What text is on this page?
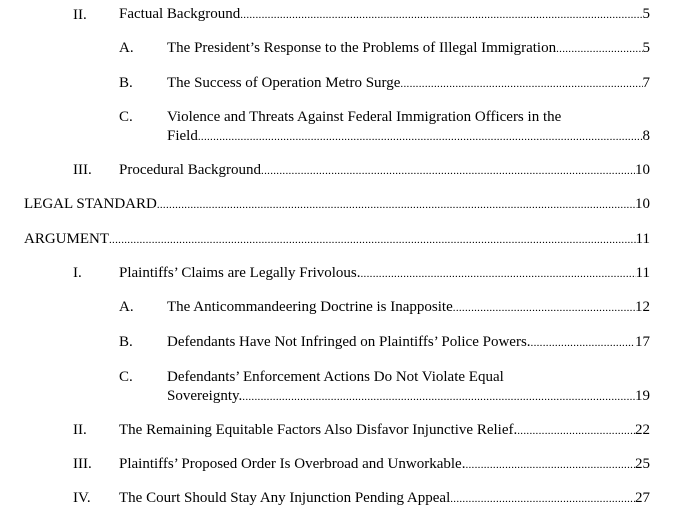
II. Factual Background .....	5
A. The President’s Response to the Problems of Illegal Immigration .....	5
B. The Success of Operation Metro Surge .....	7
C. Violence and Threats Against Federal Immigration Officers in the
Field .....	8
III. Procedural Background .....	10
LEGAL STANDARD .....	10
ARGUMENT .....	11
I. Plaintiffs’ Claims are Legally Frivolous. .....	11
A. The Anticommandeering Doctrine is Inapposite .....	12
B. Defendants Have Not Infringed on Plaintiffs’ Police Powers. .....	17
C. Defendants’ Enforcement Actions Do Not Violate Equal
Sovereignty. .....	19
II. The Remaining Equitable Factors Also Disfavor Injunctive Relief. .....	22
III. Plaintiffs’ Proposed Order Is Overbroad and Unworkable. .....	25
IV. The Court Should Stay Any Injunction Pending Appeal .....	27
